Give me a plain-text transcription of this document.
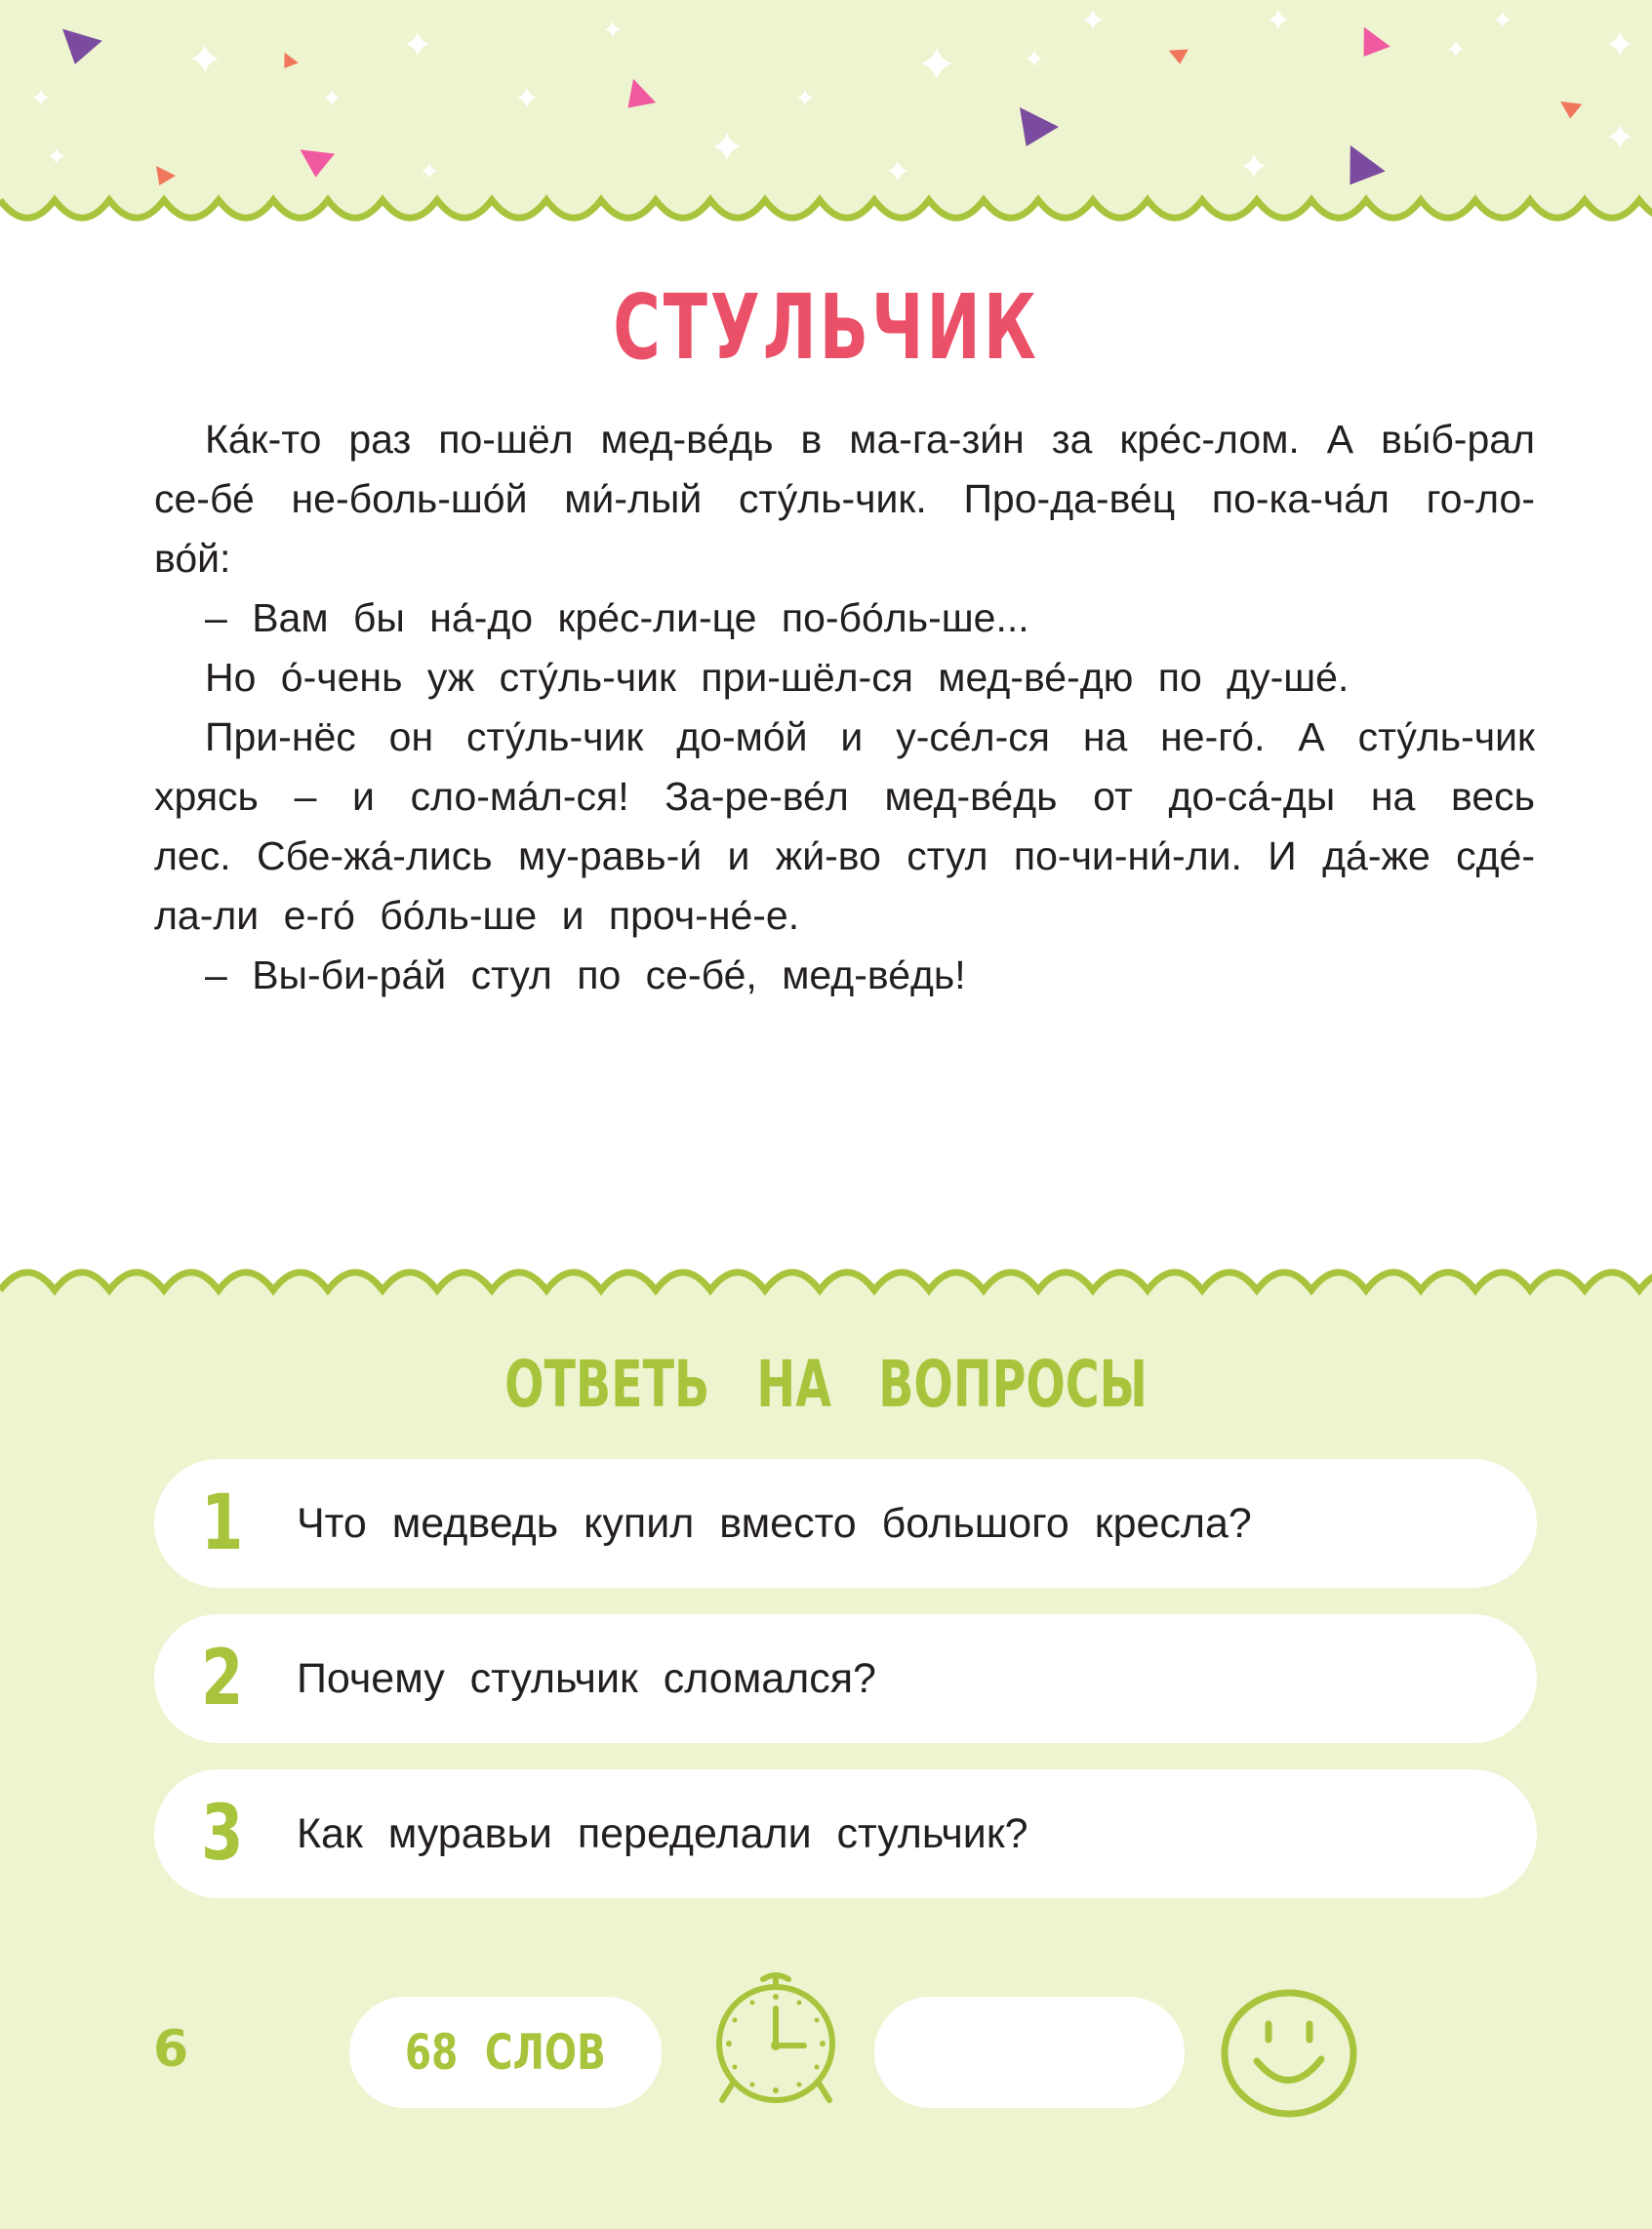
СТУЛЬЧИК

Ка́к-то раз по-шёл мед-ве́дь в ма-га-зи́н за кре́с-лом. А вы́б-рал се-бе́ не-боль-шо́й ми́-лый сту́ль-чик. Про-да-ве́ц по-ка-ча́л го-ло-во́й:

– Вам бы на́-до кре́с-ли-це по-бо́ль-ше...

Но о́-чень уж сту́ль-чик при-шёл-ся мед-ве́-дю по ду-ше́.

При-нёс он сту́ль-чик до-мо́й и у-се́л-ся на не-го́. А сту́ль-чик хрясь – и сло-ма́л-ся! За-ре-ве́л мед-ве́дь от до-са́-ды на весь лес. Сбе-жа́-лись му-равь-и́ и жи́-во стул по-чи-ни́-ли. И да́-же сде́-ла-ли е-го́ бо́ль-ше и проч-не́-е.

– Вы-би-ра́й стул по се-бе́, мед-ве́дь!

ОТВЕТЬ НА ВОПРОСЫ
1 Что медведь купил вместо большого кресла?
2 Почему стульчик сломался?
3 Как муравьи переделали стульчик?
6	68 СЛОВ
